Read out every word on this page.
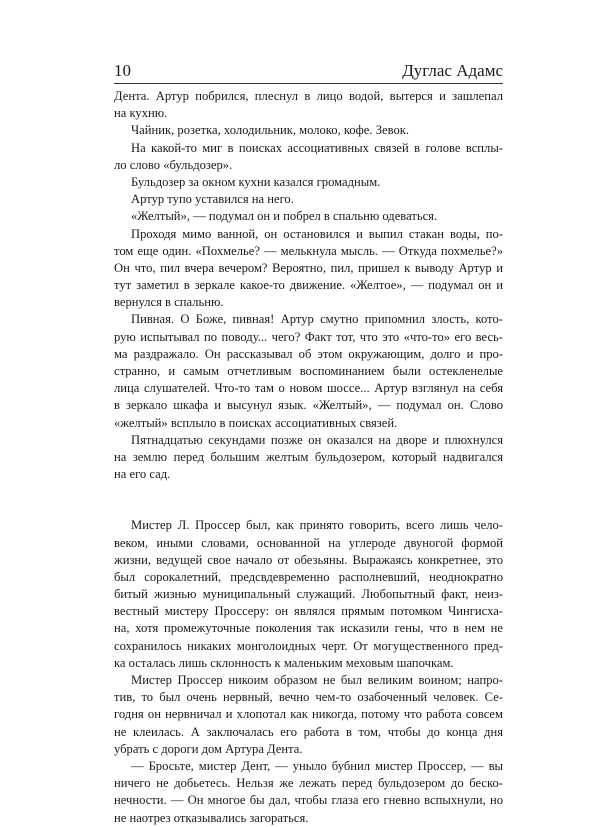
10	Дуглас Адамс
Дента. Артур побрился, плеснул в лицо водой, вытерся и зашлепал
на кухню.
Чайник, розетка, холодильник, молоко, кофе. Зевок.
На какой-то миг в поисках ассоциативных связей в голове всплы-
ло слово «бульдозер».
Бульдозер за окном кухни казался громадным.
Артур тупо уставился на него.
«Желтый», — подумал он и побрел в спальню одеваться.
Проходя мимо ванной, он остановился и выпил стакан воды, по-
том еще один. «Похмелье? — мелькнула мысль. — Откуда похмелье?»
Он что, пил вчера вечером? Вероятно, пил, пришел к выводу Артур и
тут заметил в зеркале какое-то движение. «Желтое», — подумал он и
вернулся в спальню.
Пивная. О Боже, пивная! Артур смутно припомнил злость, кото-
рую испытывал по поводу... чего? Факт тот, что это «что-то» его весь-
ма раздражало. Он рассказывал об этом окружающим, долго и про-
странно, и самым отчетливым воспоминанием были остекленелые
лица слушателей. Что-то там о новом шоссе... Артур взглянул на себя
в зеркало шкафа и высунул язык. «Желтый», — подумал он. Слово
«желтый» всплыло в поисках ассоциативных связей.
Пятнадцатью секундами позже он оказался на дворе и плюхнулся
на землю перед большим желтым бульдозером, который надвигался
на его сад.
Мистер Л. Проссер был, как принято говорить, всего лишь чело-
веком, иными словами, основанной на углероде двуногой формой
жизни, ведущей свое начало от обезьяны. Выражаясь конкретнее, это
был сорокалетний, предсвдевременно располневший, неоднократно
битый жизнью муниципальный служащий. Любопытный факт, неиз-
вестный мистеру Проссеру: он являлся прямым потомком Чингисха-
на, хотя промежуточные поколения так исказили гены, что в нем не
сохранилось никаких монголоидных черт. От могущественного пред-
ка осталась лишь склонность к маленьким меховым шапочкам.
Мистер Проссер никоим образом не был великим воином; напро-
тив, то был очень нервный, вечно чем-то озабоченный человек. Се-
годня он нервничал и хлопотал как никогда, потому что работа совсем
не клеилась. А заключалась его работа в том, чтобы до конца дня
убрать с дороги дом Артура Дента.
— Бросьте, мистер Дент, — уныло бубнил мистер Проссер, — вы
ничего не добьетесь. Нельзя же лежать перед бульдозером до беско-
нечности. — Он многое бы дал, чтобы глаза его гневно вспыхнули, но
не наотрез отказывались загораться.
